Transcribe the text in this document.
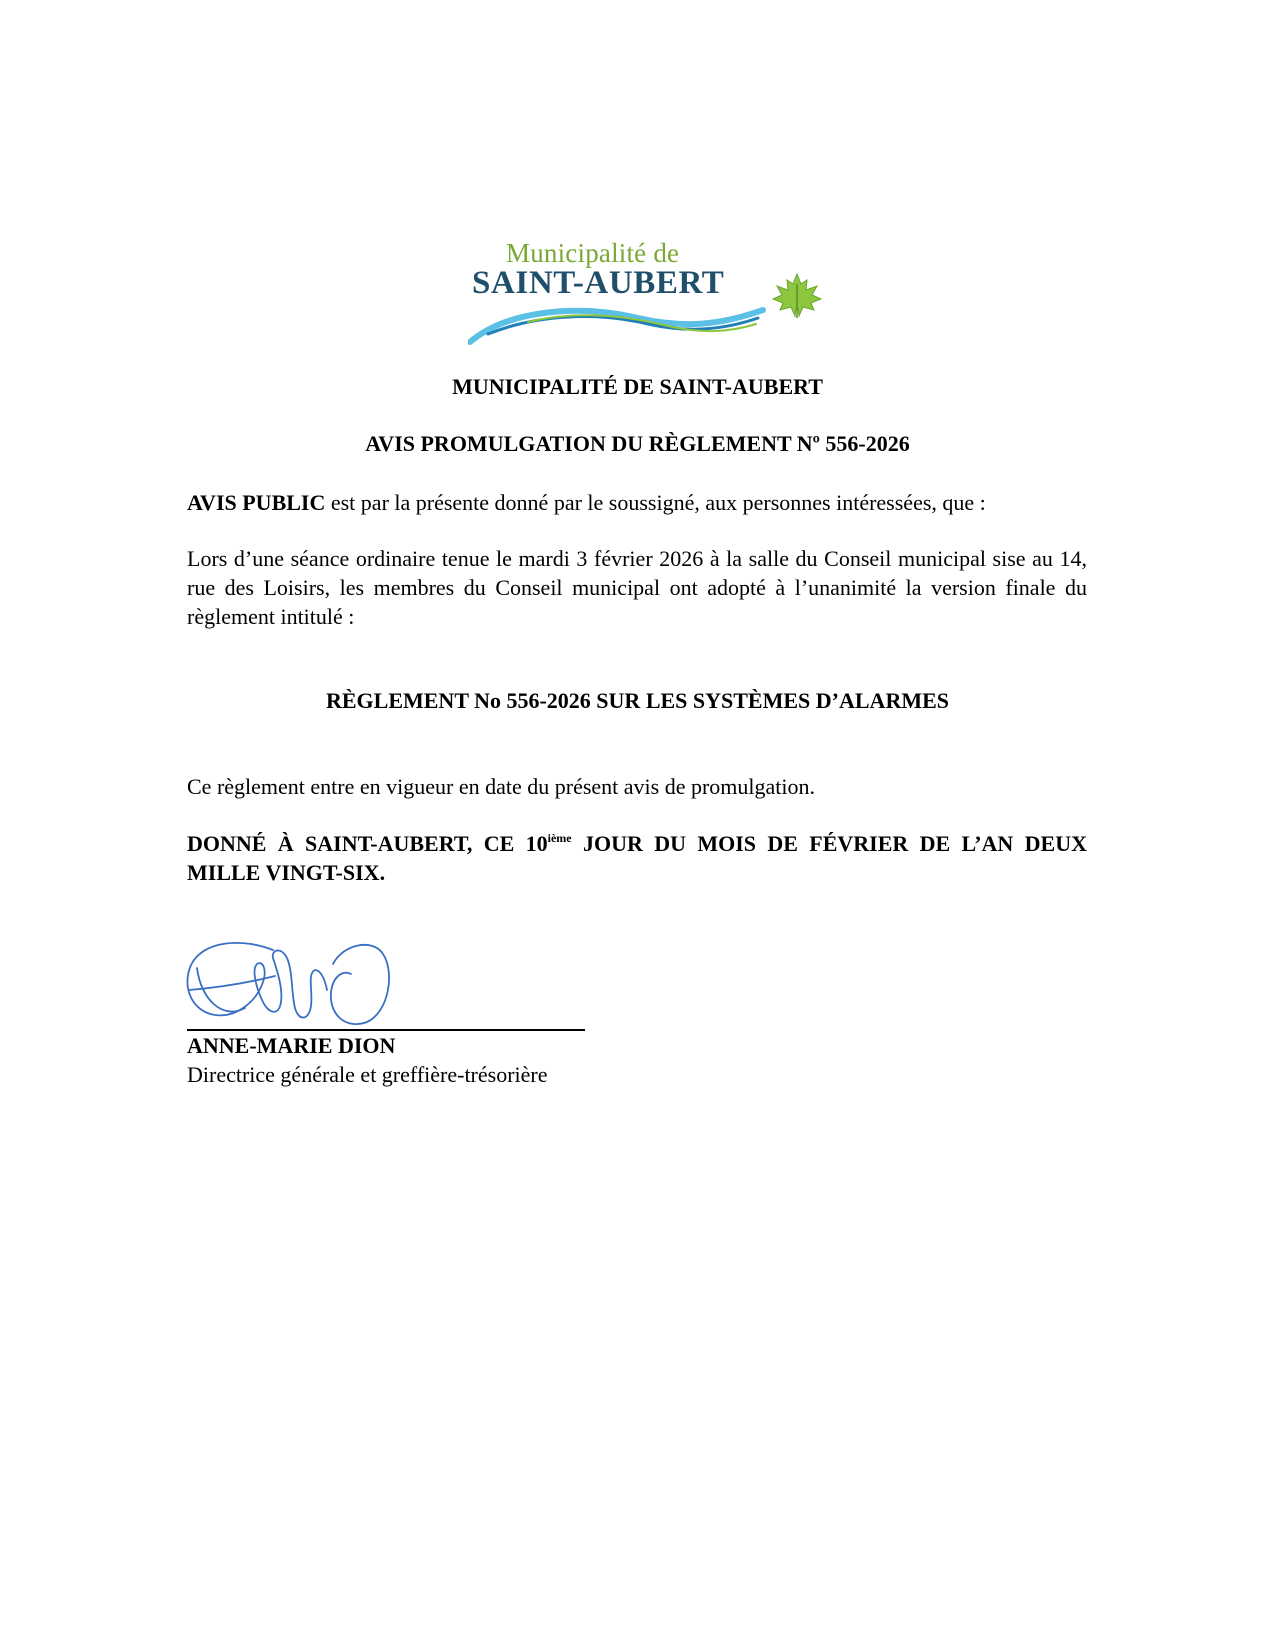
Municipalité de
SAINT-AUBERT
MUNICIPALITÉ DE SAINT-AUBERT
AVIS PROMULGATION DU RÈGLEMENT Nº 556-2026
AVIS PUBLIC est par la présente donné par le soussigné, aux personnes intéressées, que :
Lors d’une séance ordinaire tenue le mardi 3 février 2026 à la salle du Conseil municipal sise au 14, rue des Loisirs, les membres du Conseil municipal ont adopté à l’unanimité la version finale du règlement intitulé :
RÈGLEMENT No 556-2026 SUR LES SYSTÈMES D’ALARMES
Ce règlement entre en vigueur en date du présent avis de promulgation.
DONNÉ À SAINT-AUBERT, CE 10ième JOUR DU MOIS DE FÉVRIER DE L’AN DEUX MILLE VINGT-SIX.
ANNE-MARIE DION
Directrice générale et greffière-trésorière
